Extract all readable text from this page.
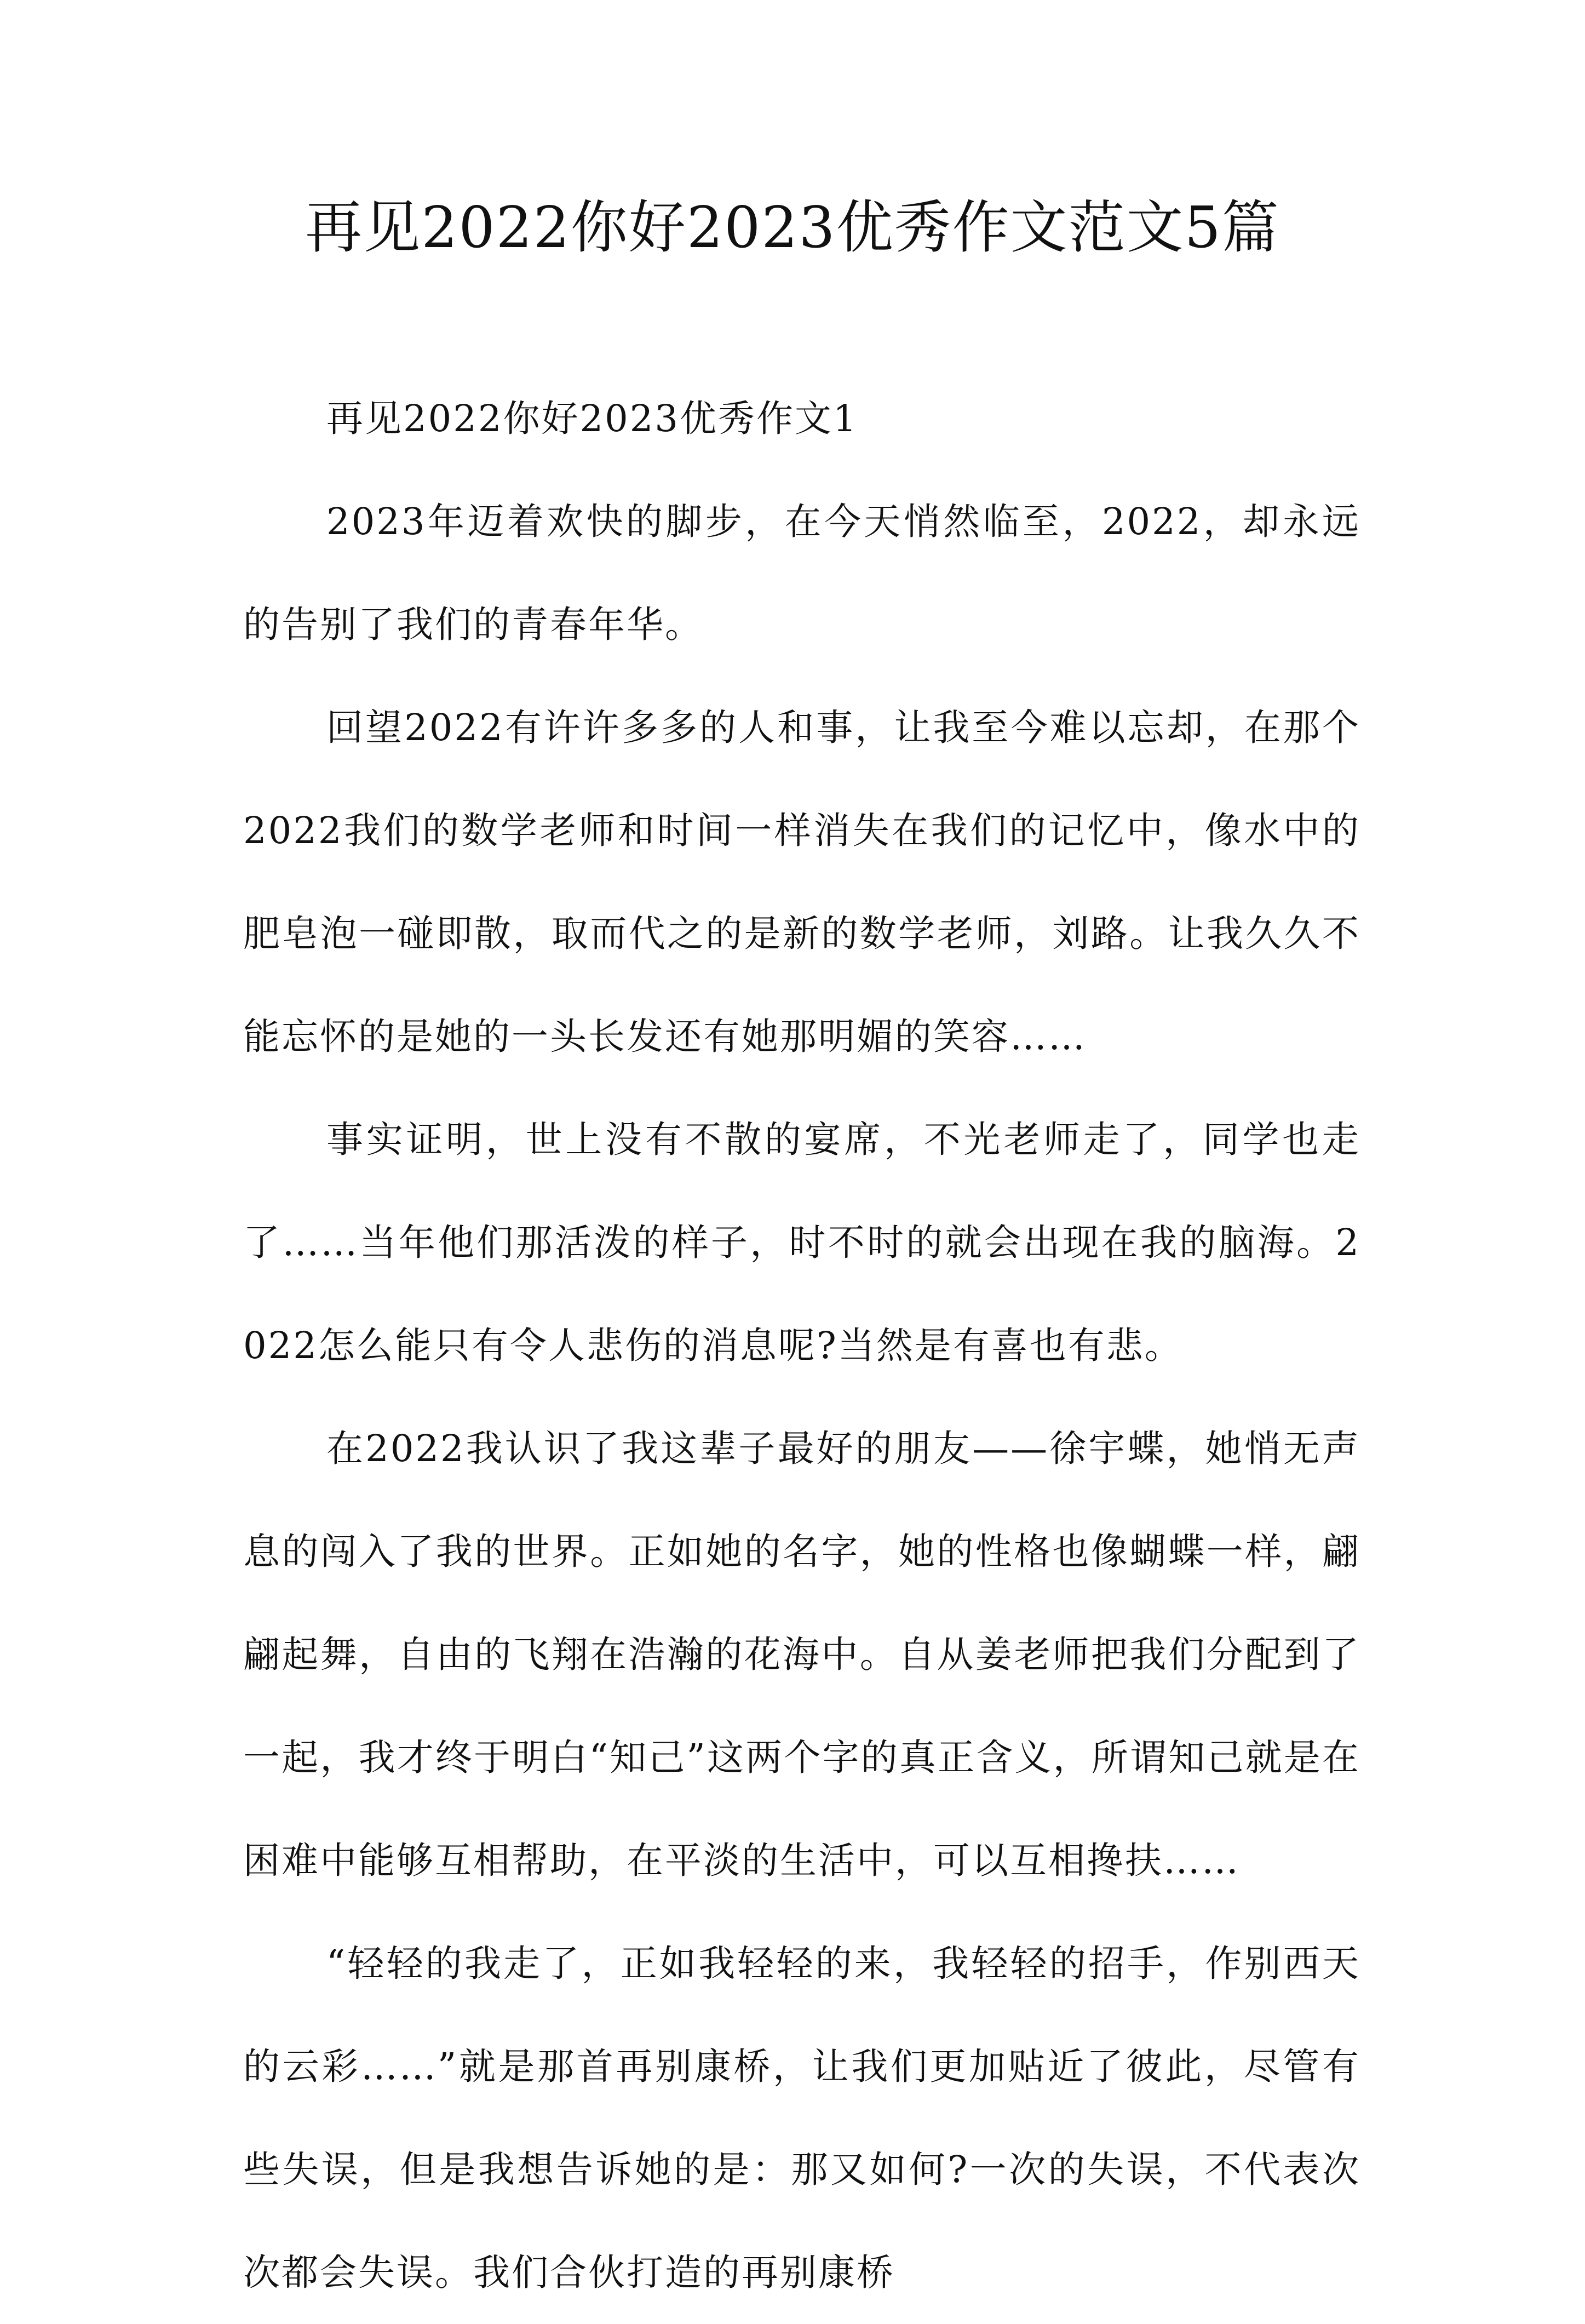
再见2022你好2023优秀作文范文5篇

再见2022你好2023优秀作文1

2023年迈着欢快的脚步，在今天悄然临至，2022，却永远的告别了我们的青春年华。

回望2022有许许多多的人和事，让我至今难以忘却，在那个2022我们的数学老师和时间一样消失在我们的记忆中，像水中的肥皂泡一碰即散，取而代之的是新的数学老师，刘路。让我久久不能忘怀的是她的一头长发还有她那明媚的笑容……

事实证明，世上没有不散的宴席，不光老师走了，同学也走了……当年他们那活泼的样子，时不时的就会出现在我的脑海。2022怎么能只有令人悲伤的消息呢?当然是有喜也有悲。

在2022我认识了我这辈子最好的朋友——徐宇蝶，她悄无声息的闯入了我的世界。正如她的名字，她的性格也像蝴蝶一样，翩翩起舞，自由的飞翔在浩瀚的花海中。自从姜老师把我们分配到了一起，我才终于明白“知己”这两个字的真正含义，所谓知己就是在困难中能够互相帮助，在平淡的生活中，可以互相搀扶……

“轻轻的我走了，正如我轻轻的来，我轻轻的招手，作别西天的云彩……”就是那首再别康桥，让我们更加贴近了彼此，尽管有些失误，但是我想告诉她的是：那又如何?一次的失误，不代表次次都会失误。我们合伙打造的再别康桥
